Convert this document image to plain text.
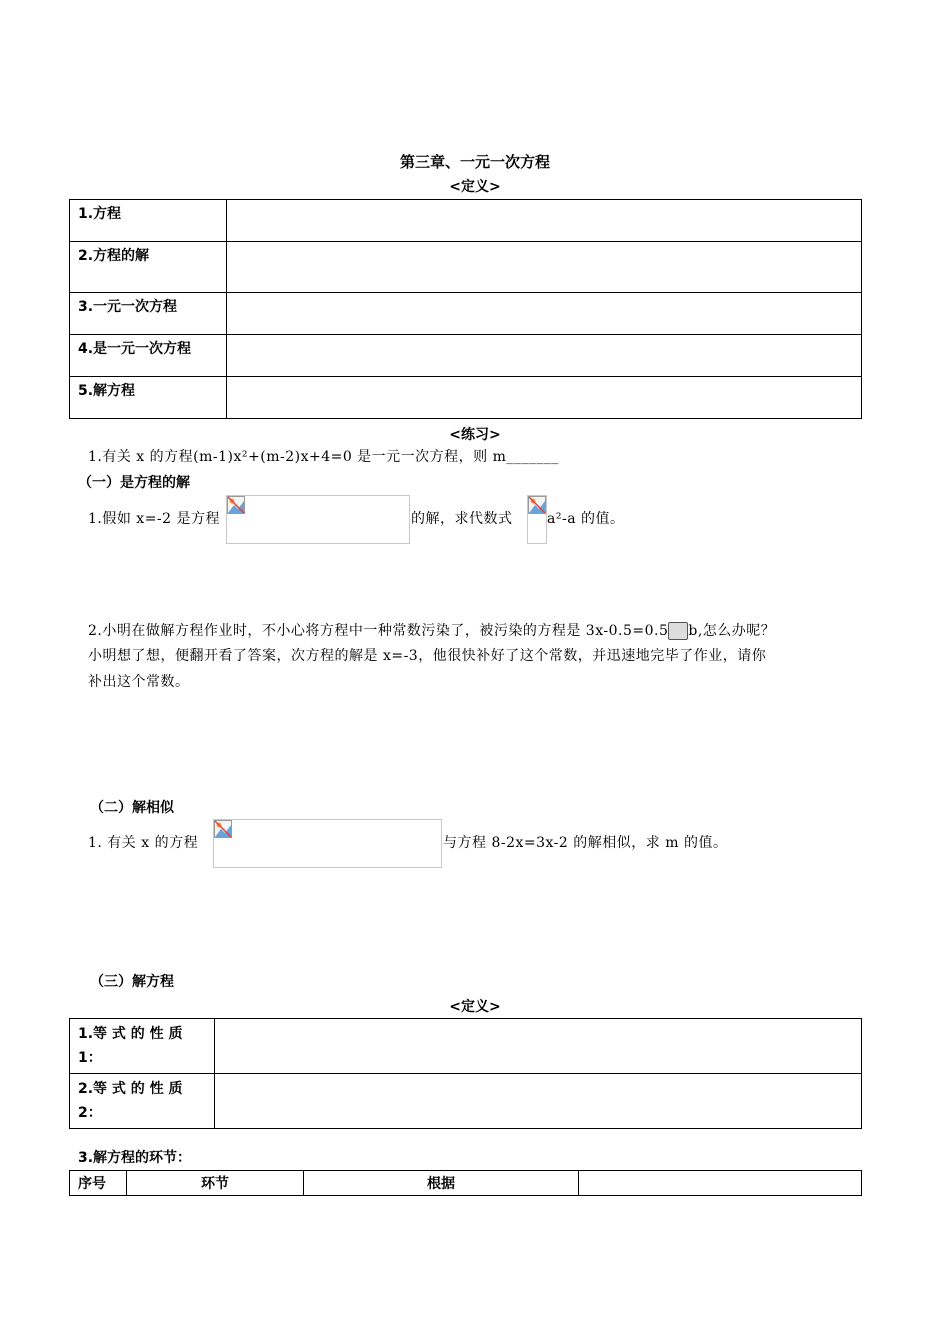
第三章、一元一次方程
<定义>
1.方程	
2.方程的解	
3.一元一次方程	
4.是一元一次方程	
5.解方程	
<练习>
1.有关 x 的方程(m-1)x²+(m-2)x+4=0 是一元一次方程，则 m_______
（一）是方程的解
1.假如 x=-2 是方程	的解，求代数式 a²-a 的值。
2.小明在做解方程作业时，不小心将方程中一种常数污染了，被污染的方程是 3x-0.5=0.5 b,怎么办呢？
小明想了想，便翻开看了答案，次方程的解是 x=-3，他很快补好了这个常数，并迅速地完毕了作业，请你
补出这个常数。
（二）解相似
1. 有关 x 的方程	与方程 8-2x=3x-2 的解相似，求 m 的值。
（三）解方程
<定义>
1.等 式 的 性 质 1：	
2.等 式 的 性 质 2：	
3.解方程的环节：
序号	环节	根据	
